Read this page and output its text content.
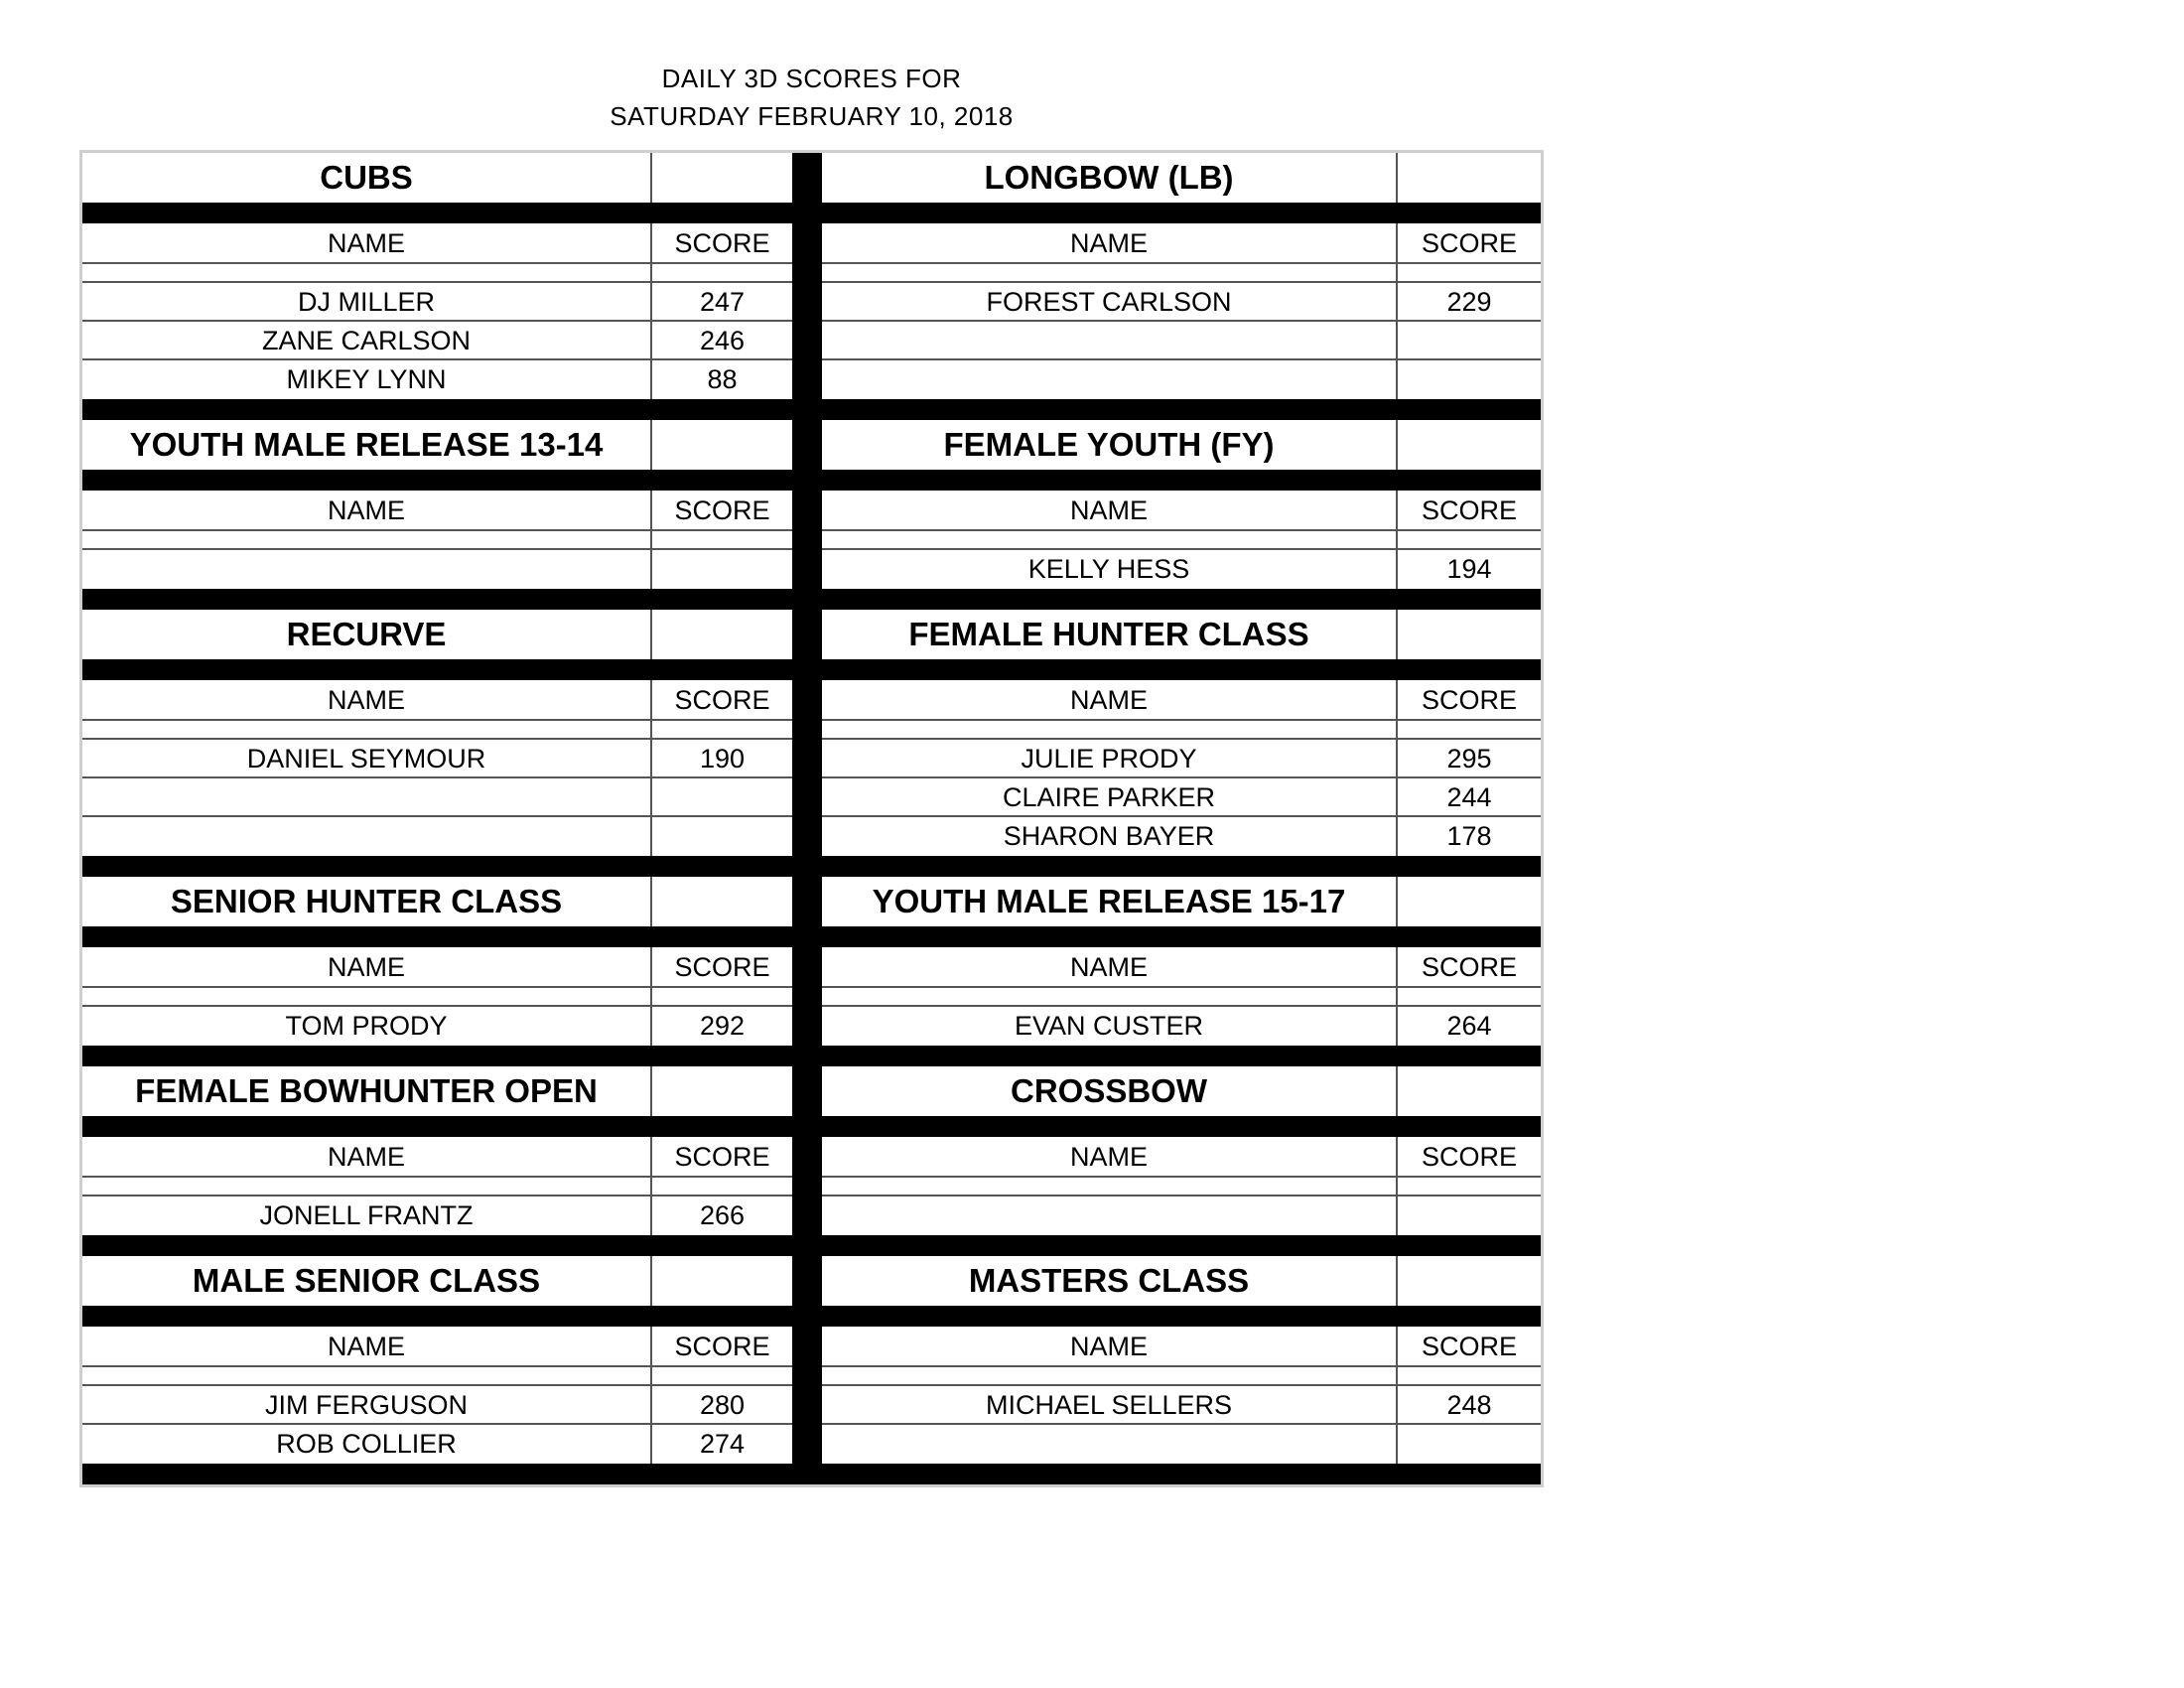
DAILY 3D SCORES FOR
SATURDAY FEBRUARY 10, 2018
CUBS
NAME	SCORE
DJ MILLER	247
ZANE CARLSON	246
MIKEY LYNN	88
LONGBOW (LB)
NAME	SCORE
FOREST CARLSON	229
YOUTH MALE RELEASE 13-14
NAME	SCORE
FEMALE YOUTH (FY)
NAME	SCORE
KELLY HESS	194
RECURVE
NAME	SCORE
DANIEL SEYMOUR	190
FEMALE HUNTER CLASS
NAME	SCORE
JULIE PRODY	295
CLAIRE PARKER	244
SHARON BAYER	178
SENIOR HUNTER CLASS
NAME	SCORE
TOM PRODY	292
YOUTH MALE RELEASE 15-17
NAME	SCORE
EVAN CUSTER	264
FEMALE BOWHUNTER OPEN
NAME	SCORE
JONELL FRANTZ	266
CROSSBOW
NAME	SCORE
MALE SENIOR CLASS
NAME	SCORE
JIM FERGUSON	280
ROB COLLIER	274
MASTERS CLASS
NAME	SCORE
MICHAEL SELLERS	248
